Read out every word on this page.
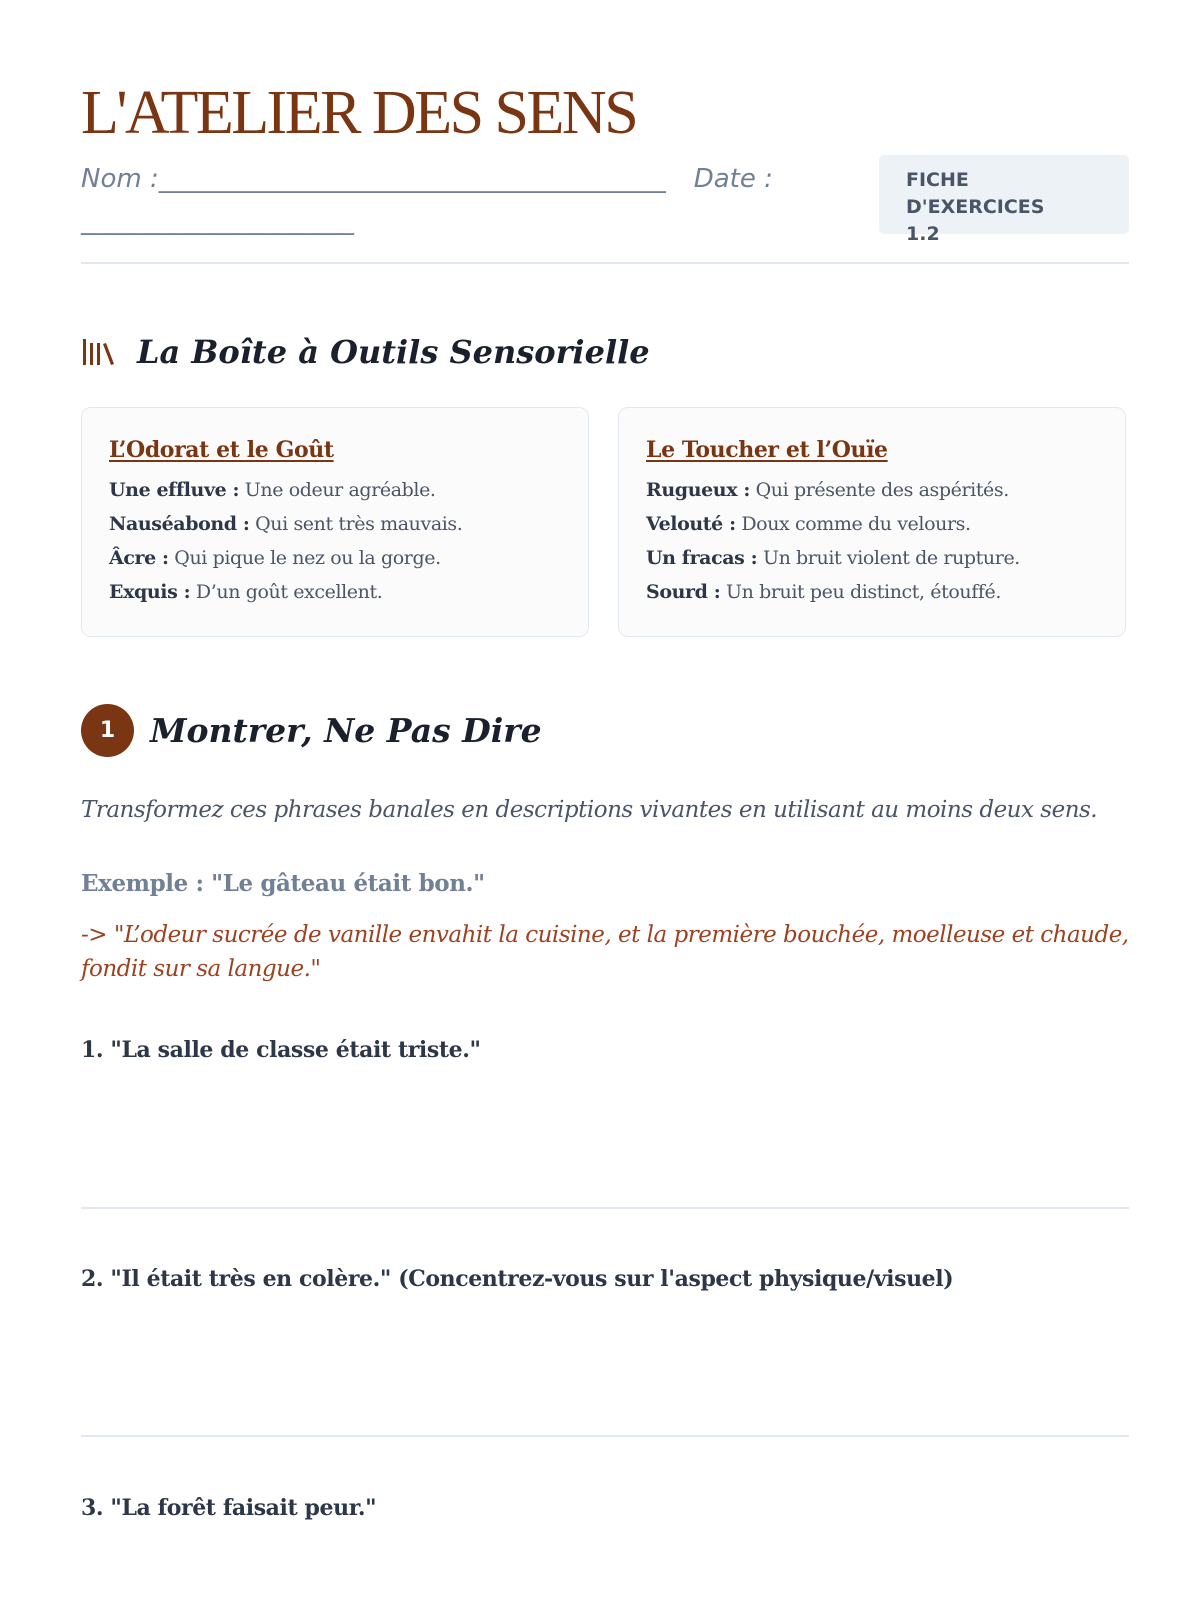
L'ATELIER DES SENS
Nom :_______________________________________ Date : _____________________
FICHE D'EXERCICES
1.2
La Boîte à Outils Sensorielle
L’Odorat et le Goût
Une effluve : Une odeur agréable.
Nauséabond : Qui sent très mauvais.
Âcre : Qui pique le nez ou la gorge.
Exquis : D’un goût excellent.
Le Toucher et l’Ouïe
Rugueux : Qui présente des aspérités.
Velouté : Doux comme du velours.
Un fracas : Un bruit violent de rupture.
Sourd : Un bruit peu distinct, étouffé.
1	Montrer, Ne Pas Dire
Transformez ces phrases banales en descriptions vivantes en utilisant au moins deux sens.
Exemple : "Le gâteau était bon."
-> "L’odeur sucrée de vanille envahit la cuisine, et la première bouchée, moelleuse et chaude, fondit sur sa langue."
1. "La salle de classe était triste."
2. "Il était très en colère." (Concentrez-vous sur l'aspect physique/visuel)
3. "La forêt faisait peur."
